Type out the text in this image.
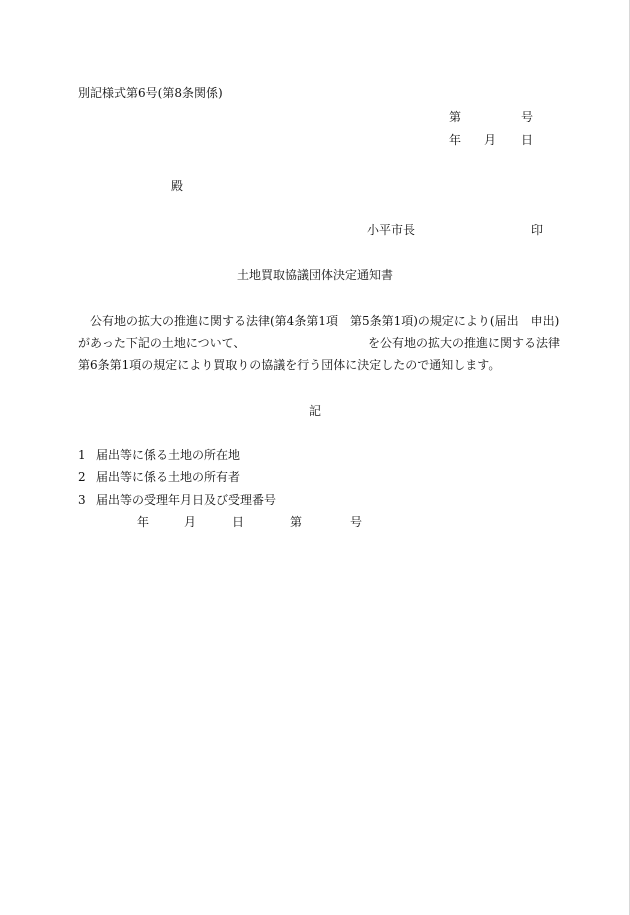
別記様式第6号(第8条関係)
第	号
年 月 日
殿
小平市長	印
土地買取協議団体決定通知書
公有地の拡大の推進に関する法律(第4条第1項　第5条第1項)の規定により(届出　申出)
があった下記の土地について、	を公有地の拡大の推進に関する法律
第6条第1項の規定により買取りの協議を行う団体に決定したので通知します。
記
1 届出等に係る土地の所在地
2 届出等に係る土地の所有者
3 届出等の受理年月日及び受理番号
年	月	日	第	号
